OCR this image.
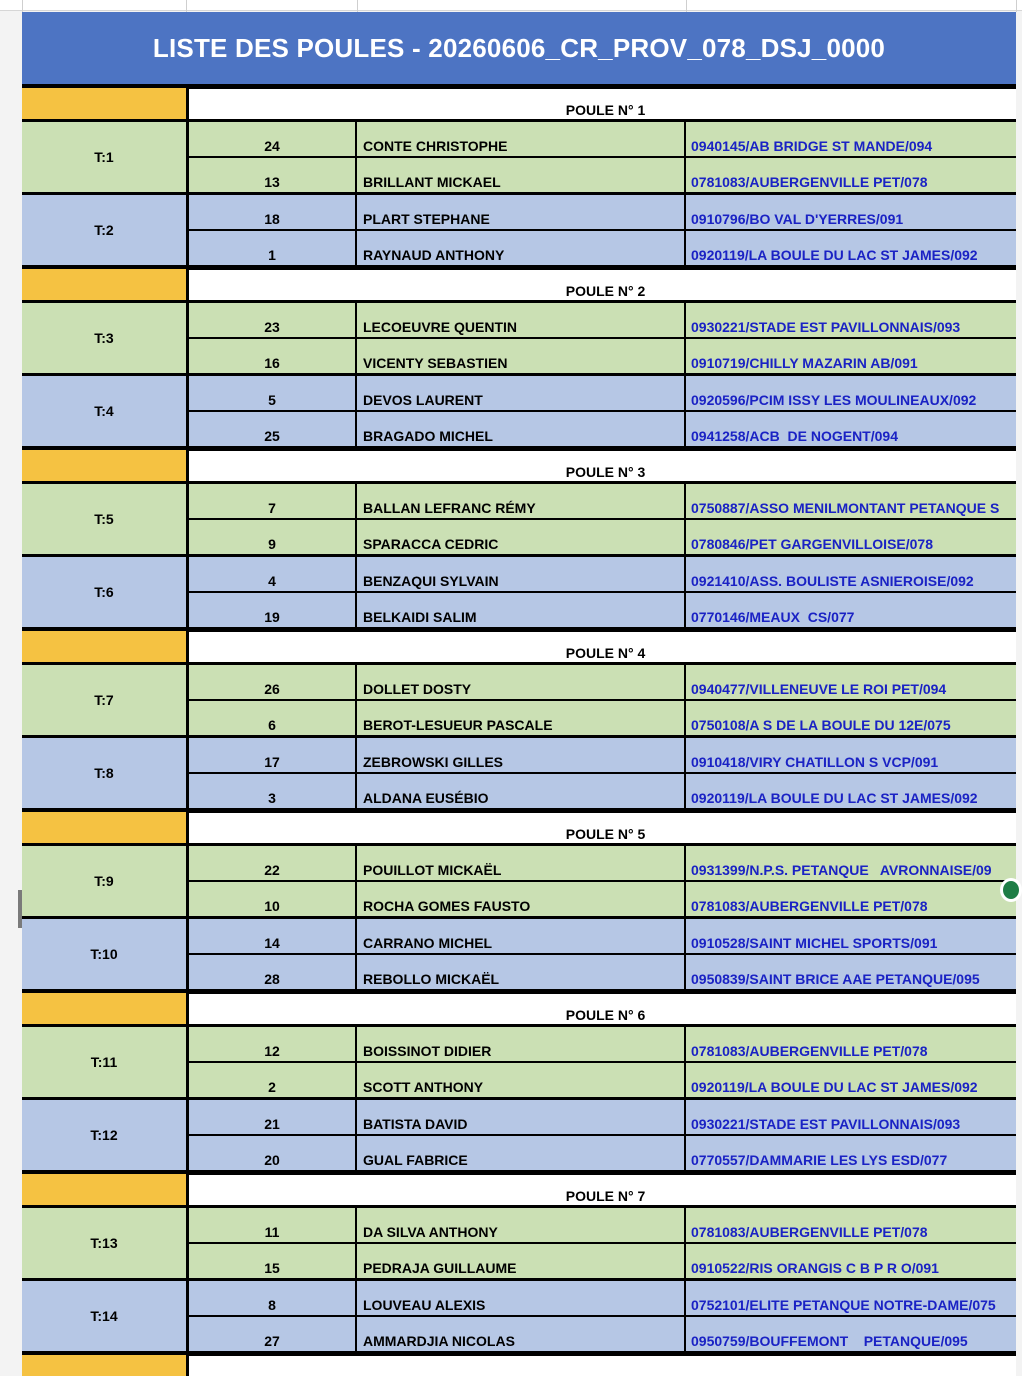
LISTE DES POULES - 20260606_CR_PROV_078_DSJ_0000
POULE N° 1
T:1
24	CONTE CHRISTOPHE	0940145/AB BRIDGE ST MANDE/094
13	BRILLANT MICKAEL	0781083/AUBERGENVILLE PET/078
T:2
18	PLART STEPHANE	0910796/BO VAL D'YERRES/091
1	RAYNAUD ANTHONY	0920119/LA BOULE DU LAC ST JAMES/092
POULE N° 2
T:3
23	LECOEUVRE QUENTIN	0930221/STADE EST PAVILLONNAIS/093
16	VICENTY SEBASTIEN	0910719/CHILLY MAZARIN AB/091
T:4
5	DEVOS LAURENT	0920596/PCIM ISSY LES MOULINEAUX/092
25	BRAGADO MICHEL	0941258/ACB  DE NOGENT/094
POULE N° 3
T:5
7	BALLAN LEFRANC RÉMY	0750887/ASSO MENILMONTANT PETANQUE S
9	SPARACCA CEDRIC	0780846/PET GARGENVILLOISE/078
T:6
4	BENZAQUI SYLVAIN	0921410/ASS. BOULISTE ASNIEROISE/092
19	BELKAIDI SALIM	0770146/MEAUX  CS/077
POULE N° 4
T:7
26	DOLLET DOSTY	0940477/VILLENEUVE LE ROI PET/094
6	BEROT-LESUEUR PASCALE	0750108/A S DE LA BOULE DU 12E/075
T:8
17	ZEBROWSKI GILLES	0910418/VIRY CHATILLON S VCP/091
3	ALDANA EUSÉBIO	0920119/LA BOULE DU LAC ST JAMES/092
POULE N° 5
T:9
22	POUILLOT MICKAËL	0931399/N.P.S. PETANQUE   AVRONNAISE/09
10	ROCHA GOMES FAUSTO	0781083/AUBERGENVILLE PET/078
T:10
14	CARRANO MICHEL	0910528/SAINT MICHEL SPORTS/091
28	REBOLLO MICKAËL	0950839/SAINT BRICE AAE PETANQUE/095
POULE N° 6
T:11
12	BOISSINOT DIDIER	0781083/AUBERGENVILLE PET/078
2	SCOTT ANTHONY	0920119/LA BOULE DU LAC ST JAMES/092
T:12
21	BATISTA DAVID	0930221/STADE EST PAVILLONNAIS/093
20	GUAL FABRICE	0770557/DAMMARIE LES LYS ESD/077
POULE N° 7
T:13
11	DA SILVA ANTHONY	0781083/AUBERGENVILLE PET/078
15	PEDRAJA GUILLAUME	0910522/RIS ORANGIS C B P R O/091
T:14
8	LOUVEAU ALEXIS	0752101/ELITE PETANQUE NOTRE-DAME/075
27	AMMARDJIA NICOLAS	0950759/BOUFFEMONT    PETANQUE/095
